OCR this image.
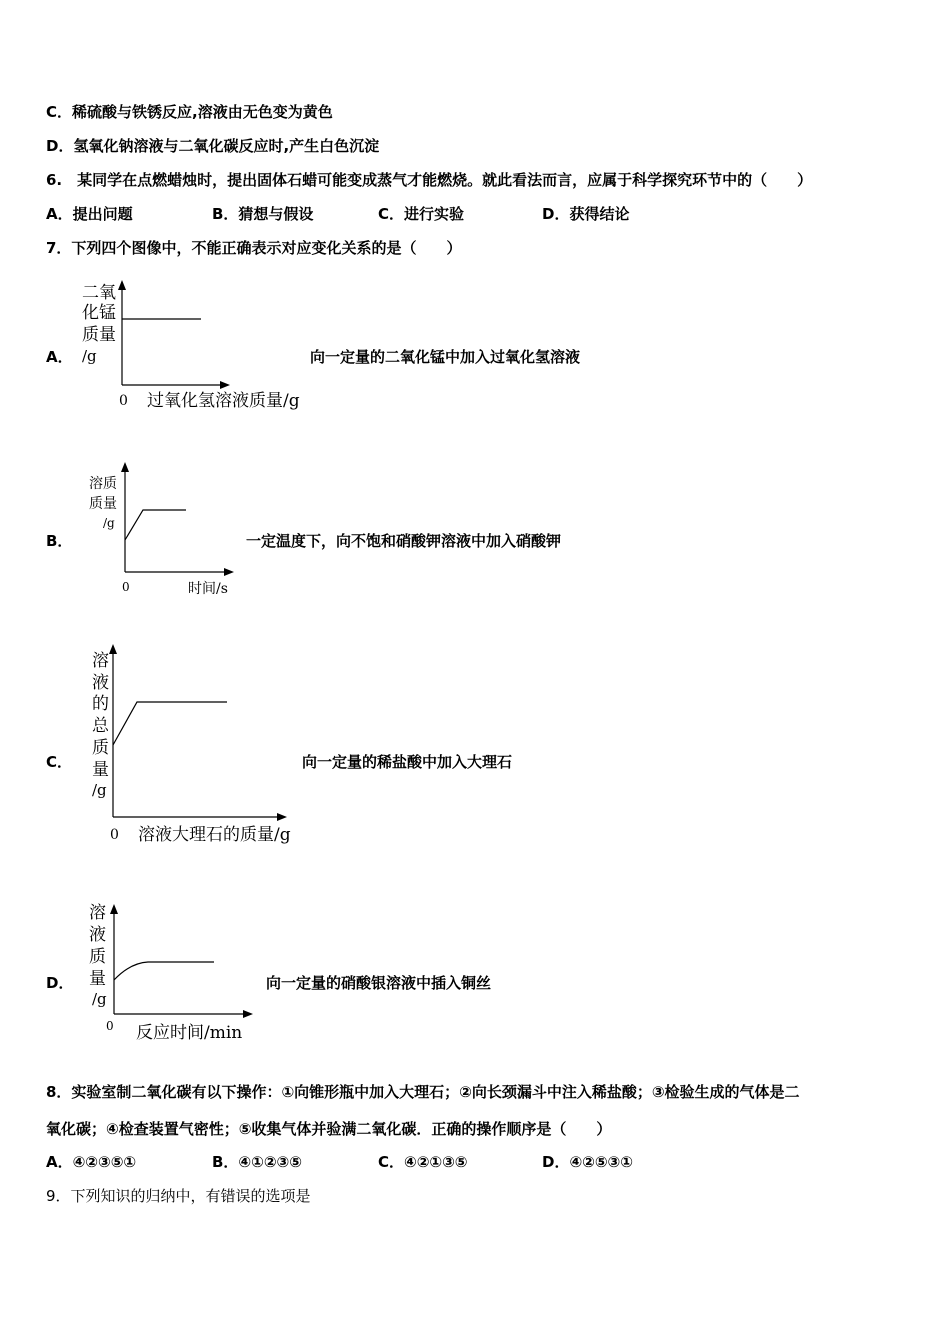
C．稀硫酸与铁锈反应,溶液由无色变为黄色
D．氢氧化钠溶液与二氧化碳反应时,产生白色沉淀
6.　某同学在点燃蜡烛时，提出固体石蜡可能变成蒸气才能燃烧。就此看法而言，应属于科学探究环节中的（　　）
A．提出问题	B．猜想与假设	C．进行实验	D．获得结论
7．下列四个图像中，不能正确表示对应变化关系的是（　　）
A．
二氧
化锰
质量
/g
0 过氧化氢溶液质量/g
向一定量的二氧化锰中加入过氧化氢溶液
B．
溶质
质量
/g
0	时间/s
一定温度下，向不饱和硝酸钾溶液中加入硝酸钾
C．
溶
液
的
总
质
量
/g
0 溶液大理石的质量/g
向一定量的稀盐酸中加入大理石
D．
溶
液
质
量
/g
0 反应时间/min
向一定量的硝酸银溶液中插入铜丝
8．实验室制二氧化碳有以下操作：①向锥形瓶中加入大理石；②向长颈漏斗中注入稀盐酸；③检验生成的气体是二
氧化碳；④检查装置气密性；⑤收集气体并验满二氧化碳．正确的操作顺序是（　　）
A．④②③⑤①	B．④①②③⑤	C．④②①③⑤	D．④②⑤③①
9．下列知识的归纳中，有错误的选项是
